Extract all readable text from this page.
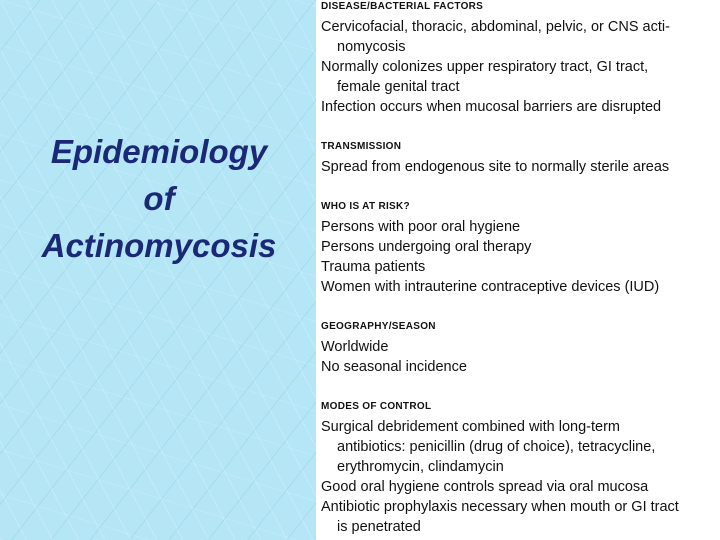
Epidemiology
of
Actinomycosis
DISEASE/BACTERIAL FACTORS
Cervicofacial, thoracic, abdominal, pelvic, or CNS acti-
nomycosis
Normally colonizes upper respiratory tract, GI tract,
female genital tract
Infection occurs when mucosal barriers are disrupted
TRANSMISSION
Spread from endogenous site to normally sterile areas
WHO IS AT RISK?
Persons with poor oral hygiene
Persons undergoing oral therapy
Trauma patients
Women with intrauterine contraceptive devices (IUD)
GEOGRAPHY/SEASON
Worldwide
No seasonal incidence
MODES OF CONTROL
Surgical debridement combined with long-term
antibiotics: penicillin (drug of choice), tetracycline,
erythromycin, clindamycin
Good oral hygiene controls spread via oral mucosa
Antibiotic prophylaxis necessary when mouth or GI tract
is penetrated
